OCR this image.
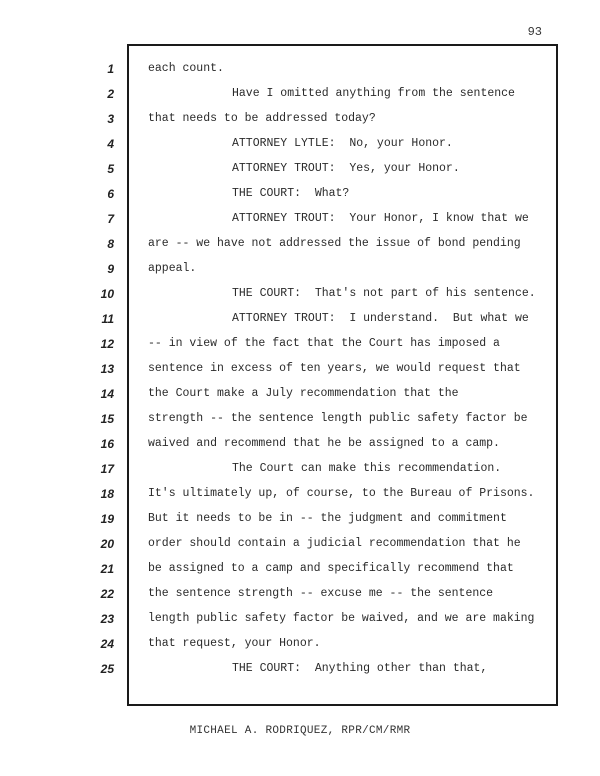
93
1	each count.
2	Have I omitted anything from the sentence
3	that needs to be addressed today?
4	ATTORNEY LYTLE:  No, your Honor.
5	ATTORNEY TROUT:  Yes, your Honor.
6	THE COURT:  What?
7	ATTORNEY TROUT:  Your Honor, I know that we
8	are -- we have not addressed the issue of bond pending
9	appeal.
10	THE COURT:  That's not part of his sentence.
11	ATTORNEY TROUT:  I understand.  But what we
12	-- in view of the fact that the Court has imposed a
13	sentence in excess of ten years, we would request that
14	the Court make a July recommendation that the
15	strength -- the sentence length public safety factor be
16	waived and recommend that he be assigned to a camp.
17	The Court can make this recommendation.
18	It's ultimately up, of course, to the Bureau of Prisons.
19	But it needs to be in -- the judgment and commitment
20	order should contain a judicial recommendation that he
21	be assigned to a camp and specifically recommend that
22	the sentence strength -- excuse me -- the sentence
23	length public safety factor be waived, and we are making
24	that request, your Honor.
25	THE COURT:  Anything other than that,
MICHAEL A. RODRIQUEZ, RPR/CM/RMR
